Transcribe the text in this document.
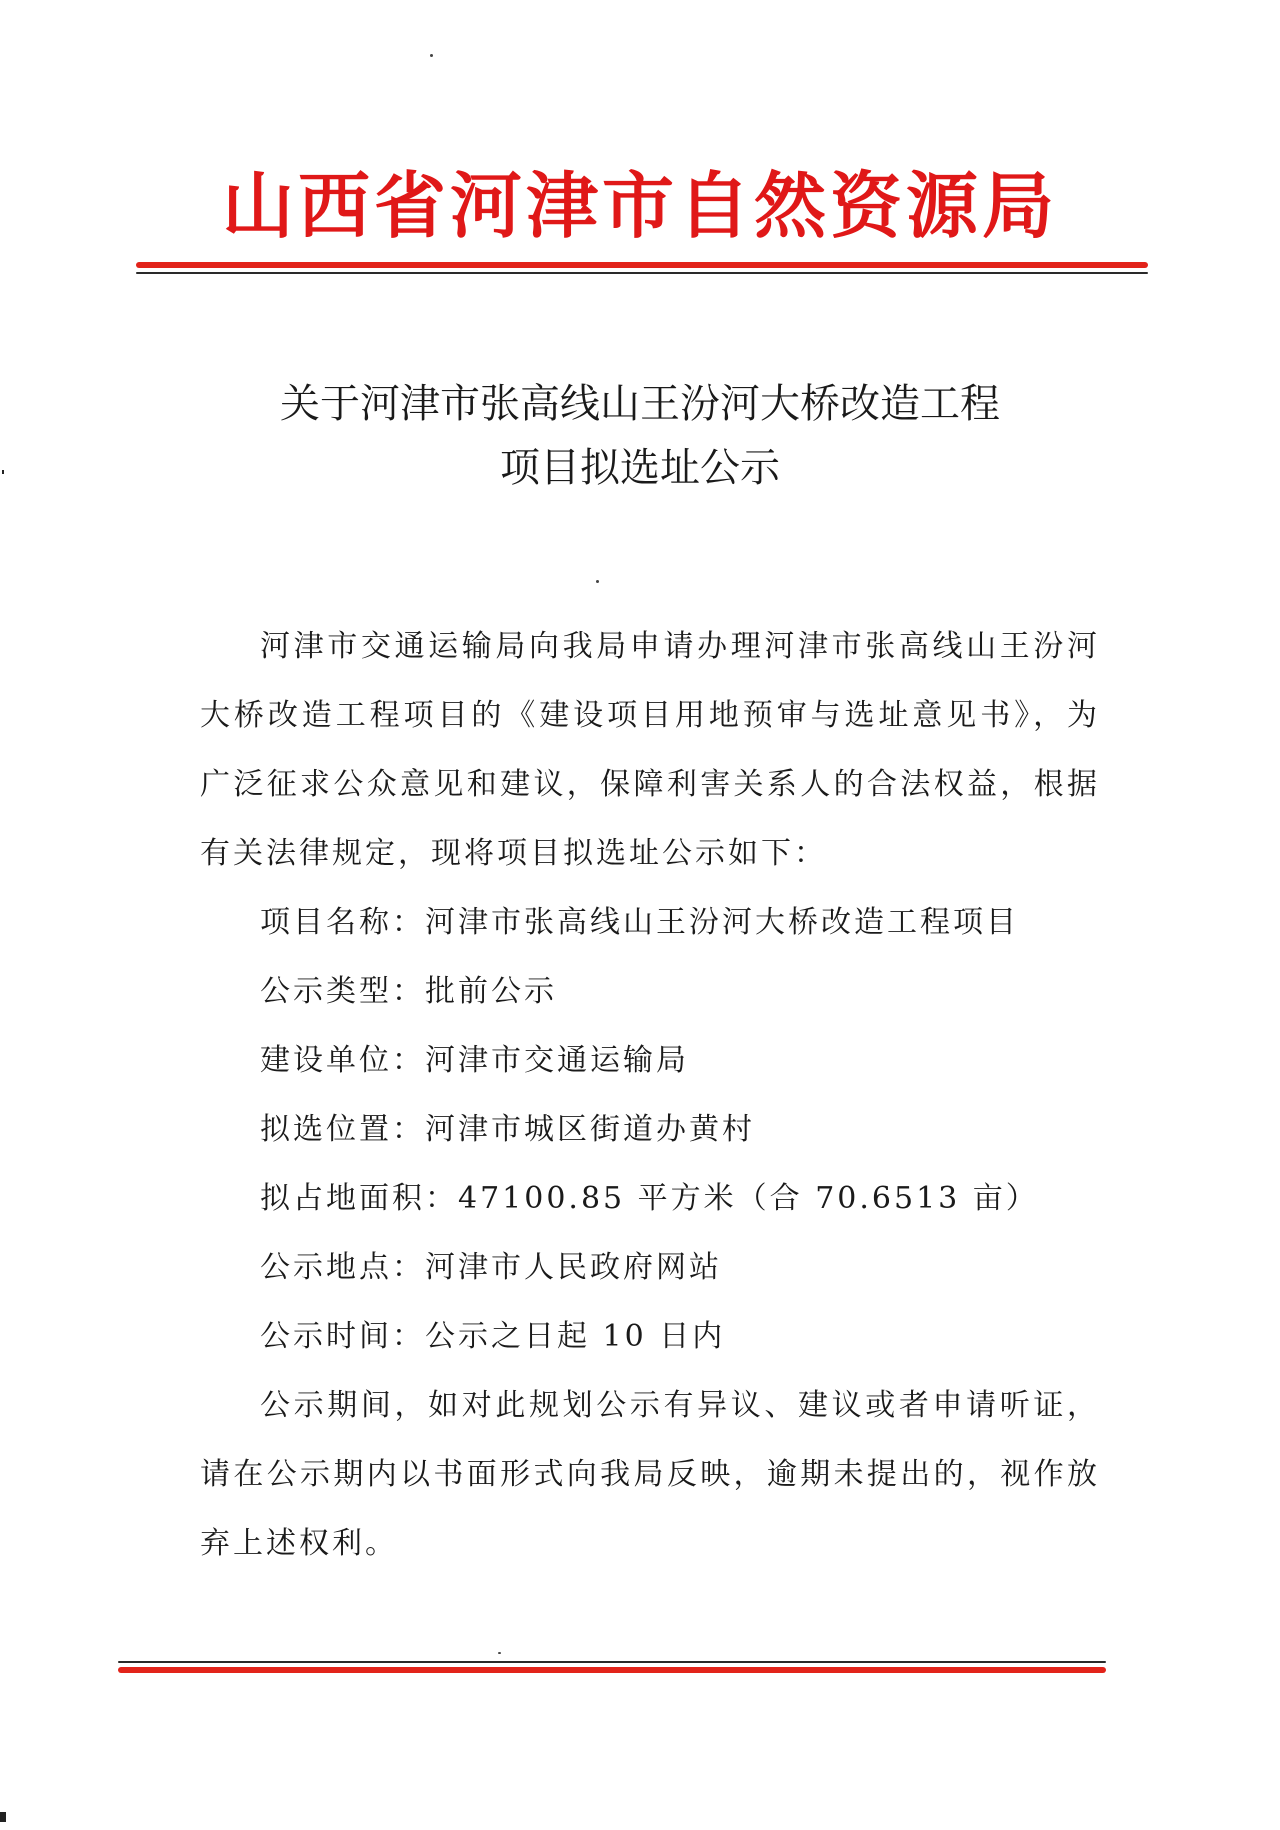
山西省河津市自然资源局
关于河津市张高线山王汾河大桥改造工程
项目拟选址公示

河津市交通运输局向我局申请办理河津市张高线山王汾河大桥改造工程项目的《建设项目用地预审与选址意见书》，为广泛征求公众意见和建议，保障利害关系人的合法权益，根据有关法律规定，现将项目拟选址公示如下：

项目名称：河津市张高线山王汾河大桥改造工程项目
公示类型：批前公示
建设单位：河津市交通运输局
拟选位置：河津市城区街道办黄村
拟占地面积：47100.85 平方米（合 70.6513 亩）
公示地点：河津市人民政府网站
公示时间：公示之日起 10 日内

公示期间，如对此规划公示有异议、建议或者申请听证，请在公示期内以书面形式向我局反映，逾期未提出的，视作放弃上述权利。
